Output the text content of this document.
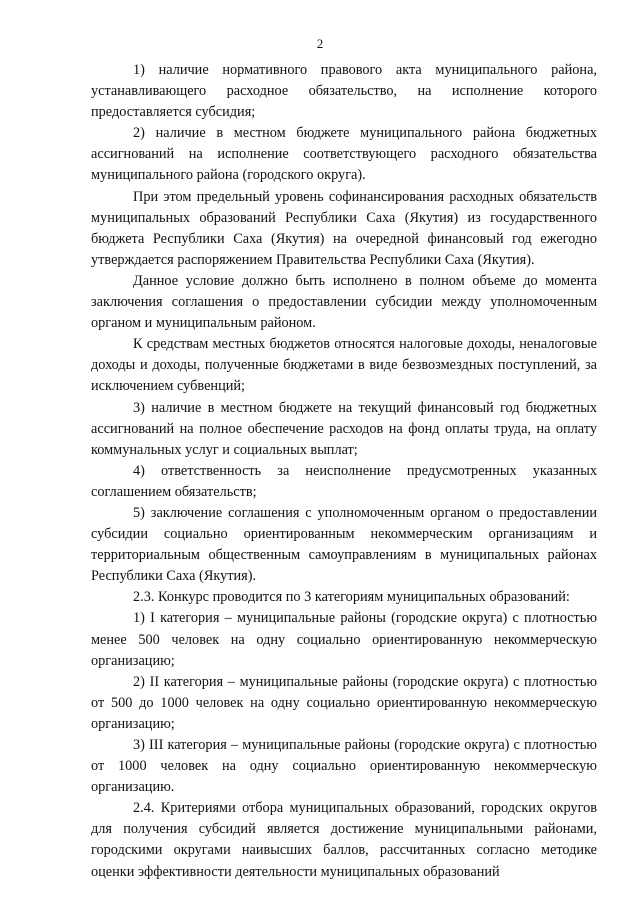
2

1) наличие нормативного правового акта муниципального района, устанавливающего расходное обязательство, на исполнение которого предоставляется субсидия;

2) наличие в местном бюджете муниципального района бюджетных ассигнований на исполнение соответствующего расходного обязательства муниципального района (городского округа).

При этом предельный уровень софинансирования расходных обязательств муниципальных образований Республики Саха (Якутия) из государственного бюджета Республики Саха (Якутия) на очередной финансовый год ежегодно утверждается распоряжением Правительства Республики Саха (Якутия).

Данное условие должно быть исполнено в полном объеме до момента заключения соглашения о предоставлении субсидии между уполномоченным органом и муниципальным районом.

К средствам местных бюджетов относятся налоговые доходы, неналоговые доходы и доходы, полученные бюджетами в виде безвозмездных поступлений, за исключением субвенций;

3) наличие в местном бюджете на текущий финансовый год бюджетных ассигнований на полное обеспечение расходов на фонд оплаты труда, на оплату коммунальных услуг и социальных выплат;

4) ответственность за неисполнение предусмотренных указанных соглашением обязательств;

5) заключение соглашения с уполномоченным органом о предоставлении субсидии социально ориентированным некоммерческим организациям и территориальным общественным самоуправлениям в муниципальных районах Республики Саха (Якутия).

2.3. Конкурс проводится по 3 категориям муниципальных образований:

1) I категория – муниципальные районы (городские округа) с плотностью менее 500 человек на одну социально ориентированную некоммерческую организацию;

2) II категория – муниципальные районы (городские округа) с плотностью от 500 до 1000 человек на одну социально ориентированную некоммерческую организацию;

3) III категория – муниципальные районы (городские округа) с плотностью от 1000 человек на одну социально ориентированную некоммерческую организацию.

2.4. Критериями отбора муниципальных образований, городских округов для получения субсидий является достижение муниципальными районами, городскими округами наивысших баллов, рассчитанных согласно методике оценки эффективности деятельности муниципальных образований
